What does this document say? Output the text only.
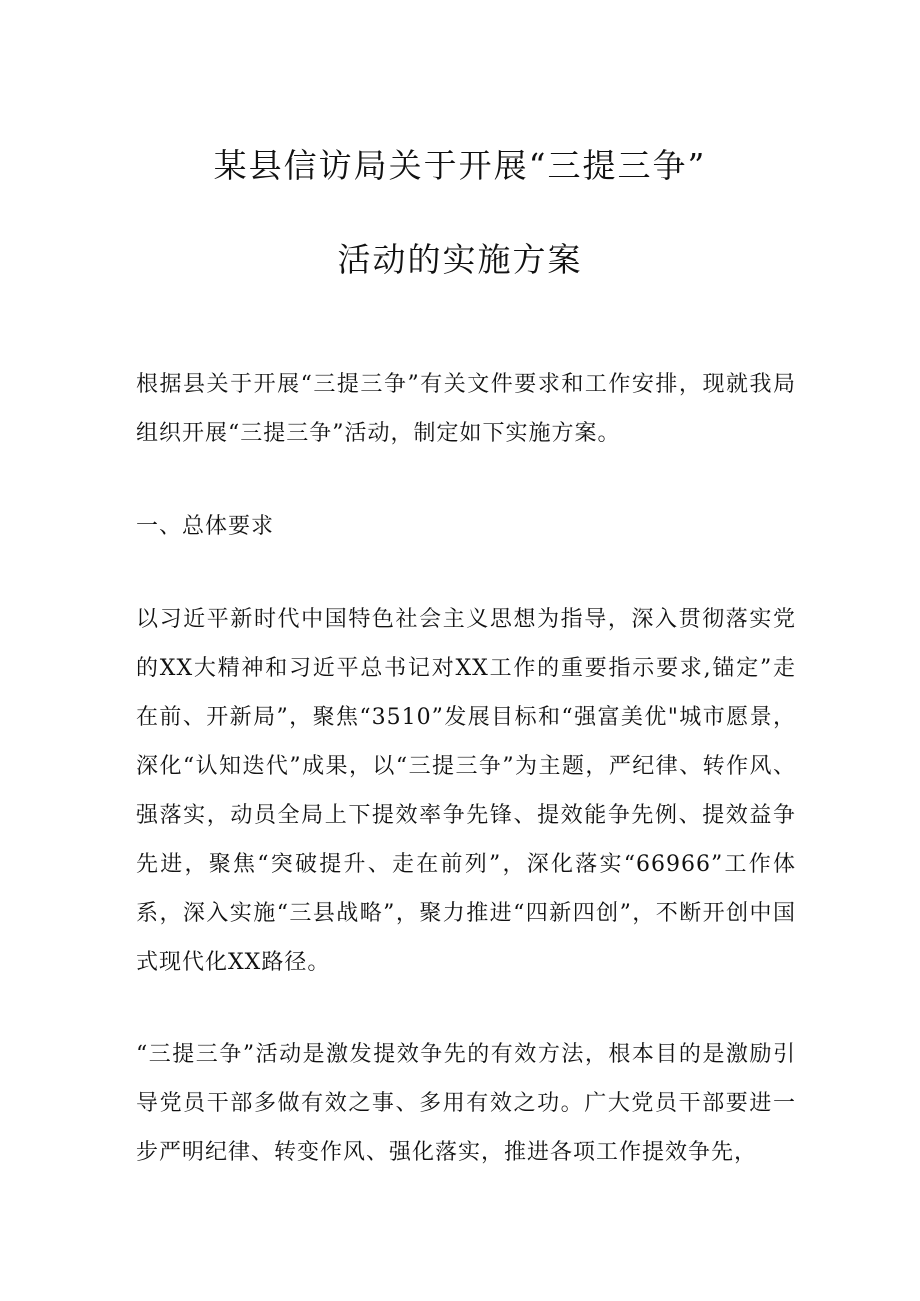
某县信访局关于开展“三提三争”
活动的实施方案

根据县关于开展“三提三争”有关文件要求和工作安排，现就我局组织开展“三提三争”活动，制定如下实施方案。

一、总体要求

以习近平新时代中国特色社会主义思想为指导，深入贯彻落实党的XX大精神和习近平总书记对XX工作的重要指示要求,锚定”走在前、开新局”，聚焦“3510”发展目标和“强富美优"城市愿景，深化“认知迭代”成果，以“三提三争”为主题，严纪律、转作风、强落实，动员全局上下提效率争先锋、提效能争先例、提效益争先进，聚焦“突破提升、走在前列”，深化落实“66966”工作体系，深入实施“三县战略”，聚力推进“四新四创”，不断开创中国式现代化XX路径。

“三提三争”活动是激发提效争先的有效方法，根本目的是激励引导党员干部多做有效之事、多用有效之功。广大党员干部要进一步严明纪律、转变作风、强化落实，推进各项工作提效争先，
